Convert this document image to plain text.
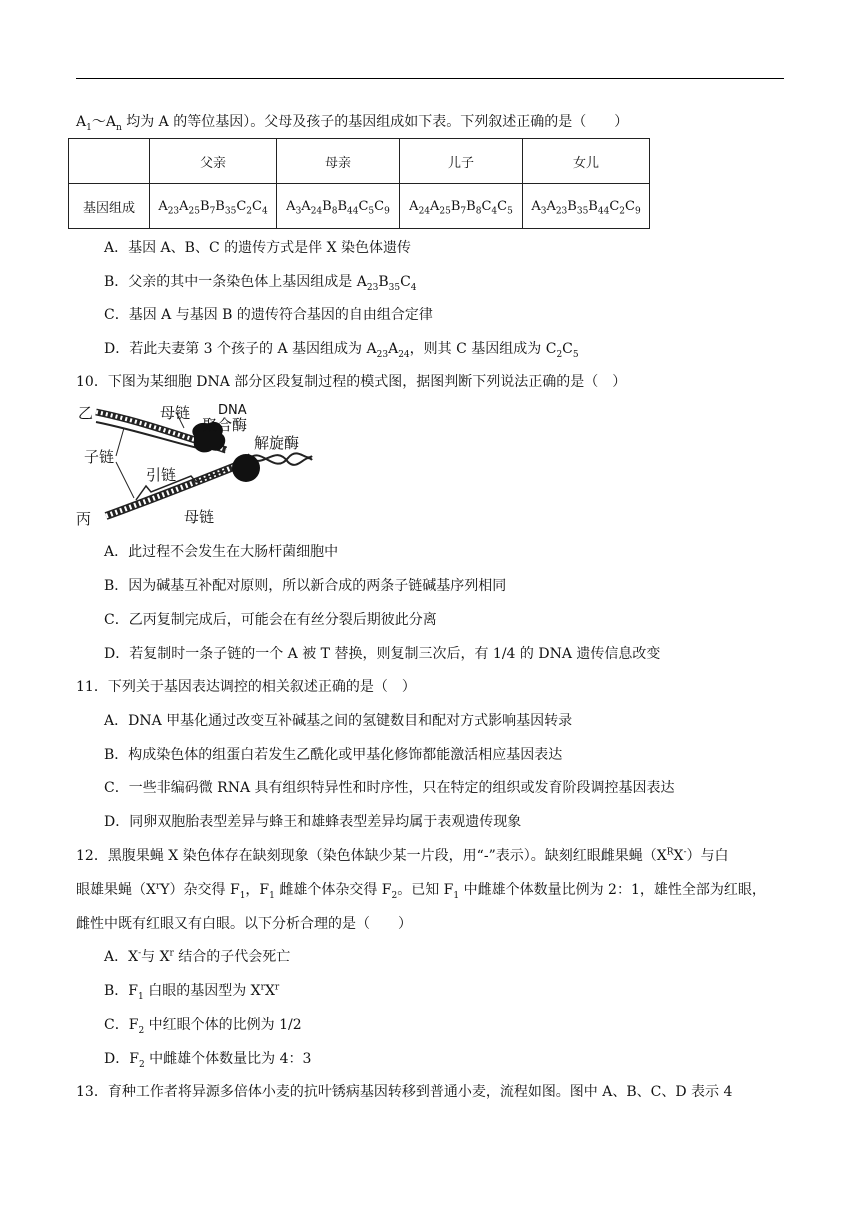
$A_1\sim A_n$ 均为 A 的等位基因）。父母及孩子的基因组成如下表。下列叙述正确的是（　　）
	父亲	母亲	儿子	女儿
基因组成	$A_{23}A_{25}B_7B_{35}C_2C_4$	$A_3A_{24}B_8B_{44}C_5C_9$	$A_{24}A_{25}B_7B_8C_4C_5$	$A_3A_{23}B_{35}B_{44}C_2C_9$
A．基因 A、B、C 的遗传方式是伴 X 染色体遗传
B．父亲的其中一条染色体上基因组成是 $A_{23}B_{35}C_4$
C．基因 A 与基因 B 的遗传符合基因的自由组合定律
D．若此夫妻第 3 个孩子的 A 基因组成为 $A_{23}A_{24}$，则其 C 基因组成为 $C_2C_5$
10．下图为某细胞 DNA 部分区段复制过程的模式图，据图判断下列说法正确的是（　）
乙	母链 DNA
聚合酶
解旋酶
子链
引链
丙	母链
A．此过程不会发生在大肠杆菌细胞中
B．因为碱基互补配对原则，所以新合成的两条子链碱基序列相同
C．乙丙复制完成后，可能会在有丝分裂后期彼此分离
D．若复制时一条子链的一个 A 被 T 替换，则复制三次后，有 1/4 的 DNA 遗传信息改变
11．下列关于基因表达调控的相关叙述正确的是（　）
A．DNA 甲基化通过改变互补碱基之间的氢键数目和配对方式影响基因转录
B．构成染色体的组蛋白若发生乙酰化或甲基化修饰都能激活相应基因表达
C．一些非编码微 RNA 具有组织特异性和时序性，只在特定的组织或发育阶段调控基因表达
D．同卵双胞胎表型差异与蜂王和雄蜂表型差异均属于表观遗传现象
12．黑腹果蝇 X 染色体存在缺刻现象（染色体缺少某一片段，用“-”表示）。缺刻红眼雌果蝇$(X^RX^-)$与白
眼雄果蝇$(X^rY)$杂交得 $F_1$，$F_1$ 雌雄个体杂交得 $F_2$。已知 $F_1$ 中雌雄个体数量比例为 2：1，雄性全部为红眼，
雌性中既有红眼又有白眼。以下分析合理的是（　　）
A．X-与 $X^r$ 结合的子代会死亡
B．$F_1$ 白眼的基因型为 $X^rX^r$
C．$F_2$ 中红眼个体的比例为 1/2
D．$F_2$ 中雌雄个体数量比为 4：3
13．育种工作者将异源多倍体小麦的抗叶锈病基因转移到普通小麦，流程如图。图中 A、B、C、D 表示 4
